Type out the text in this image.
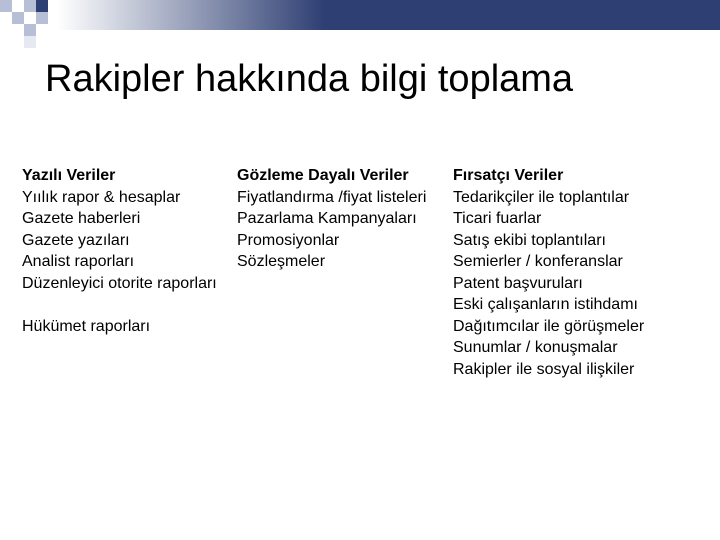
Rakipler hakkında bilgi toplama
Yazılı Veriler
Yıılık rapor & hesaplar
Gazete haberleri
Gazete yazıları
Analist raporları
Düzenleyici otorite raporları
Hükümet raporları
Gözleme Dayalı Veriler
Fiyatlandırma /fiyat listeleri
Pazarlama Kampanyaları
Promosiyonlar
Sözleşmeler
Fırsatçı Veriler
Tedarikçiler ile toplantılar
Ticari fuarlar
Satış ekibi toplantıları
Semierler / konferanslar
Patent başvuruları
Eski çalışanların istihdamı
Dağıtımcılar ile görüşmeler
Sunumlar / konuşmalar
Rakipler ile sosyal ilişkiler
